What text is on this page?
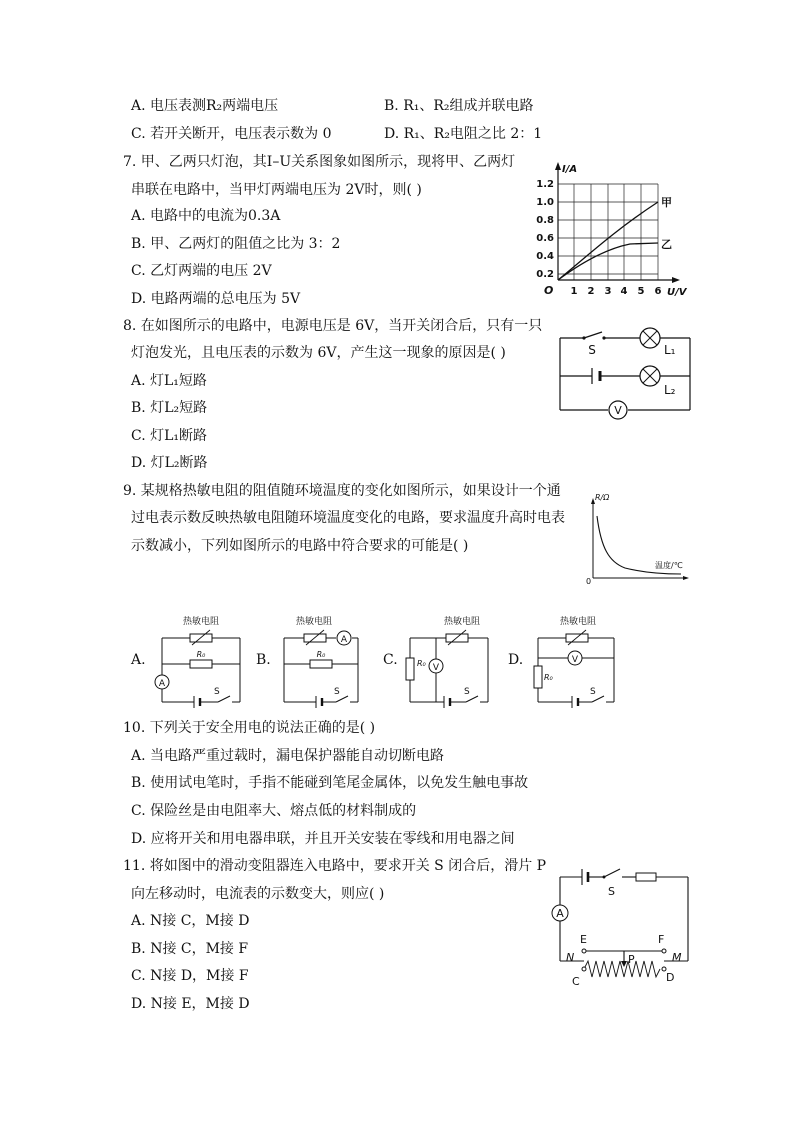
A. 电压表测R₂两端电压	B. R₁、R₂组成并联电路
C. 若开关断开，电压表示数为 0	D. R₁、R₂电阻之比 2：1
7. 甲、乙两只灯泡，其I–U关系图象如图所示，现将甲、乙两灯
串联在电路中，当甲灯两端电压为 2V时，则( )
A. 电路中的电流为0.3A
B. 甲、乙两灯的阻值之比为 3：2
C. 乙灯两端的电压 2V
D. 电路两端的总电压为 5V
I/A
1.2
1.0
0.8
0.6
0.4
0.2
O 1 2 3 4 5 6 U/V
甲
乙
8. 在如图所示的电路中，电源电压是 6V，当开关闭合后，只有一只
灯泡发光，且电压表的示数为 6V，产生这一现象的原因是( )
A. 灯L₁短路
B. 灯L₂短路
C. 灯L₁断路
D. 灯L₂断路
V
S	L₁
L₂
9. 某规格热敏电阻的阻值随环境温度的变化如图所示，如果设计一个通
过电表示数反映热敏电阻随环境温度变化的电路，要求温度升高时电表
示数减小，下列如图所示的电路中符合要求的可能是( )
R/Ω
温度/℃
0
A.
A
热敏电阻
R₀
S
B.
A
热敏电阻
R₀
S
C.	V
热敏电阻
R₀
S
D.	V
热敏电阻
R₀
S
10. 下列关于安全用电的说法正确的是( )
A. 当电路严重过载时，漏电保护器能自动切断电路
B. 使用试电笔时，手指不能碰到笔尾金属体，以免发生触电事故
C. 保险丝是由电阻率大、熔点低的材料制成的
D. 应将开关和用电器串联，并且开关安装在零线和用电器之间
11. 将如图中的滑动变阻器连入电路中，要求开关 S 闭合后，滑片 P
向左移动时，电流表的示数变大，则应( )
A. N接 C，M接 D
B. N接 C，M接 F
C. N接 D，M接 F
D. N接 E，M接 D
A
S
E	F
P
N	M
C	D
